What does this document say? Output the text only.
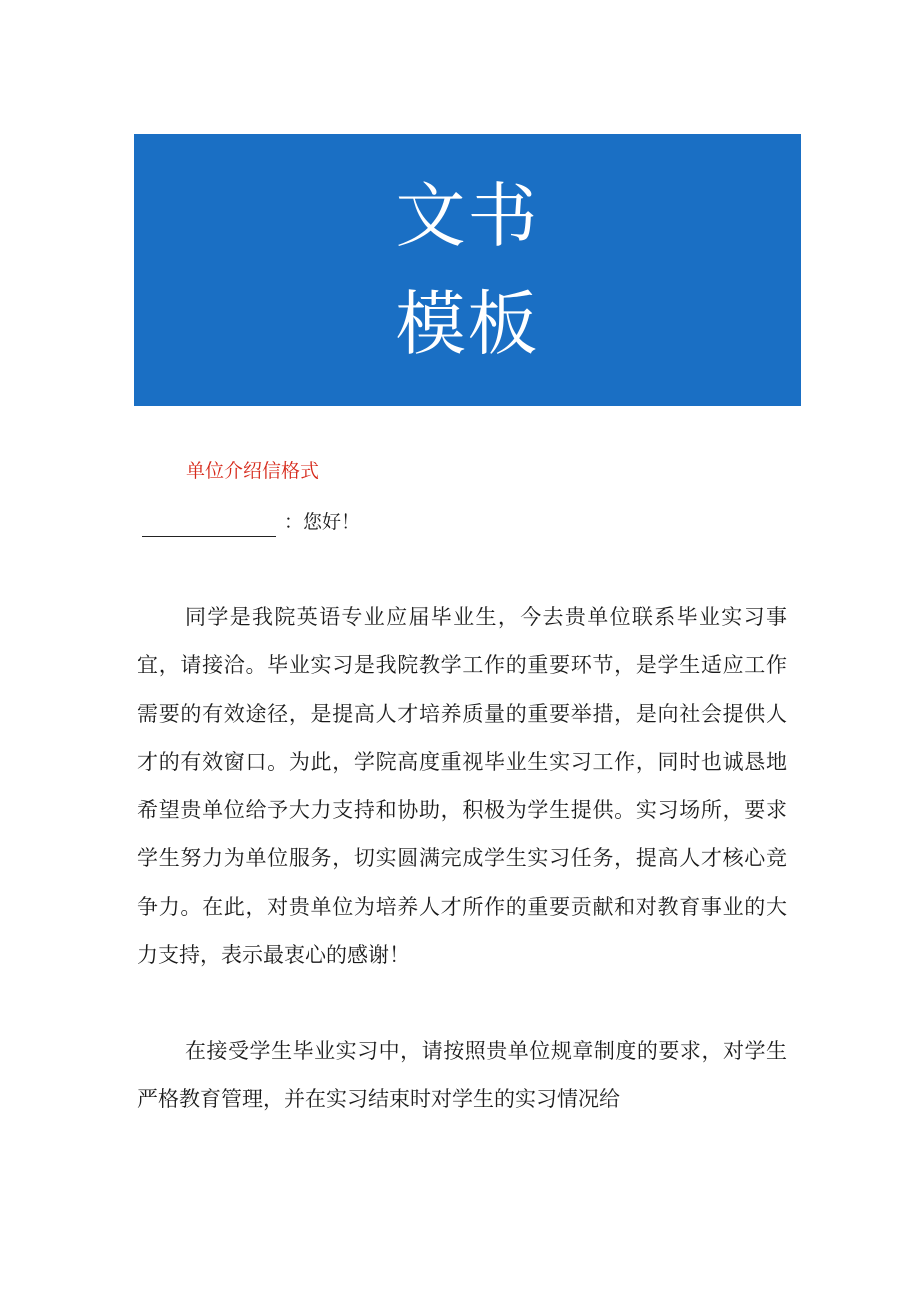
文书
模板
单位介绍信格式
：您好！

同学是我院英语专业应届毕业生，今去贵单位联系毕业实习事宜，请接洽。毕业实习是我院教学工作的重要环节，是学生适应工作需要的有效途径，是提高人才培养质量的重要举措，是向社会提供人才的有效窗口。为此，学院高度重视毕业生实习工作，同时也诚恳地希望贵单位给予大力支持和协助，积极为学生提供。实习场所，要求学生努力为单位服务，切实圆满完成学生实习任务，提高人才核心竞争力。在此，对贵单位为培养人才所作的重要贡献和对教育事业的大力支持，表示最衷心的感谢！

在接受学生毕业实习中，请按照贵单位规章制度的要求，对学生严格教育管理，并在实习结束时对学生的实习情况给
